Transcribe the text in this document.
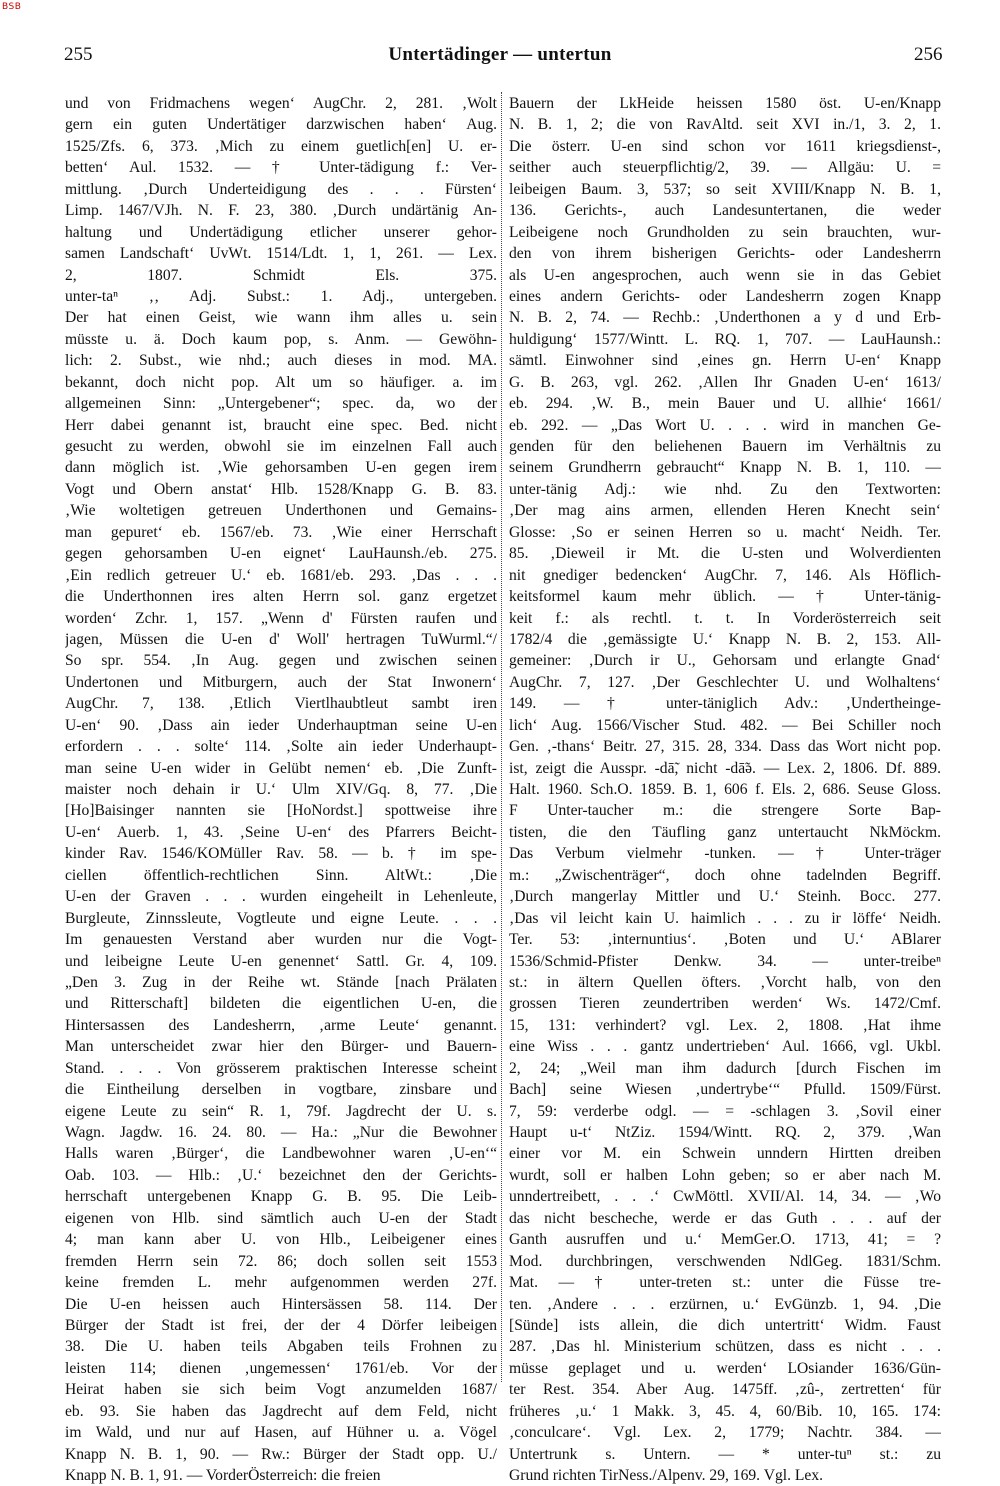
BSB
255	Untertädinger — untertun	256
und von Fridmachens wegen‘ AugChr. 2, 281. ‚Wolt
gern ein guten Undertätiger darzwischen haben‘ Aug.
1525/Zfs. 6, 373. ‚Mich zu einem guetlich[en] U. er-
betten‘ Aul. 1532. — † Unter-tädigung f.: Ver-
mittlung. ‚Durch Underteidigung des . . . Fürsten‘
Limp. 1467/VJh. N. F. 23, 380. ‚Durch undärtänig An-
haltung und Undertädigung etlicher unserer gehor-
samen Landschaft‘ UvWt. 1514/Ldt. 1, 1, 261. — Lex.
2, 1807. Schmidt Els. 375.
unter-taⁿ ‚‚ Adj. Subst.: 1. Adj., untergeben.
Der hat einen Geist, wie wann ihm alles u. sein
müsste u. ä. Doch kaum pop, s. Anm. — Gewöhn-
lich: 2. Subst., wie nhd.; auch dieses in mod. MA.
bekannt, doch nicht pop. Alt um so häufiger. a. im
allgemeinen Sinn: „Untergebener“; spec. da, wo der
Herr dabei genannt ist, braucht eine spec. Bed. nicht
gesucht zu werden, obwohl sie im einzelnen Fall auch
dann möglich ist. ‚Wie gehorsamben U-en gegen irem
Vogt und Obern anstat‘ Hlb. 1528/Knapp G. B. 83.
‚Wie woltetigen getreuen Underthonen und Gemains-
man gepuret‘ eb. 1567/eb. 73. ‚Wie einer Herrschaft
gegen gehorsamben U-en eignet‘ LauHaunsh./eb. 275.
‚Ein redlich getreuer U.‘ eb. 1681/eb. 293. ‚Das . . .
die Underthonnen ires alten Herrn sol. ganz ergetzet
worden‘ Zchr. 1, 157. „Wenn d' Fürsten raufen und
jagen, Müssen die U-en d' Woll' hertragen TuWurml.“/
So spr. 554. ‚In Aug. gegen und zwischen seinen
Undertonen und Mitburgern, auch der Stat Inwonern‘
AugChr. 7, 138. ‚Etlich Viertlhaubtleut sambt iren
U-en‘ 90. ‚Dass ain ieder Underhauptman seine U-en
erfordern . . . solte‘ 114. ‚Solte ain ieder Underhaupt-
man seine U-en wider in Gelübt nemen‘ eb. ‚Die Zunft-
maister noch dehain ir U.‘ Ulm XIV/Gq. 8, 77. ‚Die
[Ho]Baisinger nannten sie [HoNordst.] spottweise ihre
U-en‘ Auerb. 1, 43. ‚Seine U-en‘ des Pfarrers Beicht-
kinder Rav. 1546/KOMüller Rav. 58. — b. † im spe-
ciellen öffentlich-rechtlichen Sinn. AltWt.: ‚Die
U-en der Graven . . . wurden eingeheilt in Lehenleute,
Burgleute, Zinnssleute, Vogtleute und eigne Leute. . . .
Im genauesten Verstand aber wurden nur die Vogt-
und leibeigne Leute U-en genennet‘ Sattl. Gr. 4, 109.
„Den 3. Zug in der Reihe wt. Stände [nach Prälaten
und Ritterschaft] bildeten die eigentlichen U-en, die
Hintersassen des Landesherrn, ‚arme Leute‘ genannt.
Man unterscheidet zwar hier den Bürger- und Bauern-
Stand. . . . Von grösserem praktischen Interesse scheint
die Eintheilung derselben in vogtbare, zinsbare und
eigene Leute zu sein“ R. 1, 79f. Jagdrecht der U. s.
Wagn. Jagdw. 16. 24. 80. — Ha.: „Nur die Bewohner
Halls waren ‚Bürger‘, die Landbewohner waren ‚U-en‘“
Oab. 103. — Hlb.: ‚U.‘ bezeichnet den der Gerichts-
herrschaft untergebenen Knapp G. B. 95. Die Leib-
eigenen von Hlb. sind sämtlich auch U-en der Stadt
4; man kann aber U. von Hlb., Leibeigener eines
fremden Herrn sein 72. 86; doch sollen seit 1553
keine fremden L. mehr aufgenommen werden 27f.
Die U-en heissen auch Hintersässen 58. 114. Der
Bürger der Stadt ist frei, der der 4 Dörfer leibeigen
38. Die U. haben teils Abgaben teils Frohnen zu
leisten 114; dienen ‚ungemessen‘ 1761/eb. Vor der
Heirat haben sie sich beim Vogt anzumelden 1687/
eb. 93. Sie haben das Jagdrecht auf dem Feld, nicht
im Wald, und nur auf Hasen, auf Hühner u. a. Vögel
Knapp N. B. 1, 90. — Rw.: Bürger der Stadt opp. U./
Knapp N. B. 1, 91. — VorderÖsterreich: die freien
Bauern der LkHeide heissen 1580 öst. U-en/Knapp
N. B. 1, 2; die von RavAltd. seit XVI in./1, 3. 2, 1.
Die österr. U-en sind schon vor 1611 kriegsdienst-,
seither auch steuerpflichtig/2, 39. — Allgäu: U. =
leibeigen Baum. 3, 537; so seit XVIII/Knapp N. B. 1,
136. Gerichts-, auch Landesuntertanen, die weder
Leibeigene noch Grundholden zu sein brauchten, wur-
den von ihrem bisherigen Gerichts- oder Landesherrn
als U-en angesprochen, auch wenn sie in das Gebiet
eines andern Gerichts- oder Landesherrn zogen Knapp
N. B. 2, 74. — Rechb.: ‚Underthonen a y d und Erb-
huldigung‘ 1577/Wintt. L. RQ. 1, 707. — LauHaunsh.:
sämtl. Einwohner sind ‚eines gn. Herrn U-en‘ Knapp
G. B. 263, vgl. 262. ‚Allen Ihr Gnaden U-en‘ 1613/
eb. 294. ‚W. B., mein Bauer und U. allhie‘ 1661/
eb. 292. — „Das Wort U. . . . wird in manchen Ge-
genden für den beliehenen Bauern im Verhältnis zu
seinem Grundherrn gebraucht“ Knapp N. B. 1, 110. —
unter-tänig Adj.: wie nhd. Zu den Textworten:
‚Der mag ains armen, ellenden Heren Knecht sein‘
Glosse: ‚So er seinen Herren so u. macht‘ Neidh. Ter.
85. ‚Dieweil ir Mt. die U-sten und Wolverdienten
nit gnediger bedencken‘ AugChr. 7, 146. Als Höflich-
keitsformel kaum mehr üblich. — † Unter-tänig-
keit f.: als rechtl. t. t. In Vorderösterreich seit
1782/4 die ‚gemässigte U.‘ Knapp N. B. 2, 153. All-
gemeiner: ‚Durch ir U., Gehorsam und erlangte Gnad‘
AugChr. 7, 127. ‚Der Geschlechter U. und Wolhaltens‘
149. — † unter-täniglich Adv.: ‚Undertheinge-
lich‘ Aug. 1566/Vischer Stud. 482. — Bei Schiller noch
Gen. ‚-thans‘ Beitr. 27, 315. 28, 334. Dass das Wort nicht pop.
ist, zeigt die Ausspr. -dā̃, nicht -dā̃ǝ. — Lex. 2, 1806. Df. 889.
Halt. 1960. Sch.O. 1859. B. 1, 606 f. Els. 2, 686. Seuse Gloss.
F Unter-taucher m.: die strengere Sorte Bap-
tisten, die den Täufling ganz untertaucht NkMöckm.
Das Verbum vielmehr -tunken. — † Unter-träger
m.: „Zwischenträger“, doch ohne tadelnden Begriff.
‚Durch mangerlay Mittler und U.‘ Steinh. Bocc. 277.
‚Das vil leicht kain U. haimlich . . . zu ir löffe‘ Neidh.
Ter. 53: ‚internuntius‘. ‚Boten und U.‘ ABlarer
1536/Schmid-Pfister Denkw. 34. — unter-treibeⁿ
st.: in ältern Quellen öfters. ‚Vorcht halb, von den
grossen Tieren zeundertriben werden‘ Ws. 1472/Cmf.
15, 131: verhindert? vgl. Lex. 2, 1808. ‚Hat ihme
eine Wiss . . . gantz undertrieben‘ Aul. 1666, vgl. Ukbl.
2, 24; „Weil man ihm dadurch [durch Fischen im
Bach] seine Wiesen ‚undertrybe‘“ Pfulld. 1509/Fürst.
7, 59: verderbe odgl. — = -schlagen 3. ‚Sovil einer
Haupt u-t‘ NtZiz. 1594/Wintt. RQ. 2, 379. ‚Wan
einer vor M. ein Schwein unndern Hirtten dreiben
wurdt, soll er halben Lohn geben; so er aber nach M.
unndertreibett, . . .‘ CwMöttl. XVII/Al. 14, 34. — ‚Wo
das nicht bescheche, werde er das Guth . . . auf der
Ganth ausruffen und u.‘ MemGer.O. 1713, 41; = ?
Mod. durchbringen, verschwenden NdlGeg. 1831/Schm.
Mat. — † unter-treten st.: unter die Füsse tre-
ten. ‚Andere . . . erzürnen, u.‘ EvGünzb. 1, 94. ‚Die
[Sünde] ists allein, die dich untertritt‘ Widm. Faust
287. ‚Das hl. Ministerium schützen, dass es nicht . . .
müsse geplaget und u. werden‘ LOsiander 1636/Gün-
ter Rest. 354. Aber Aug. 1475ff. ‚zû-, zertretten‘ für
früheres ‚u.‘ 1 Makk. 3, 45. 4, 60/Bib. 10, 165. 174:
‚conculcare‘. Vgl. Lex. 2, 1779; Nachtr. 384. —
Untertrunk s. Untern. — * unter-tuⁿ st.: zu
Grund richten TirNess./Alpenv. 29, 169. Vgl. Lex.
